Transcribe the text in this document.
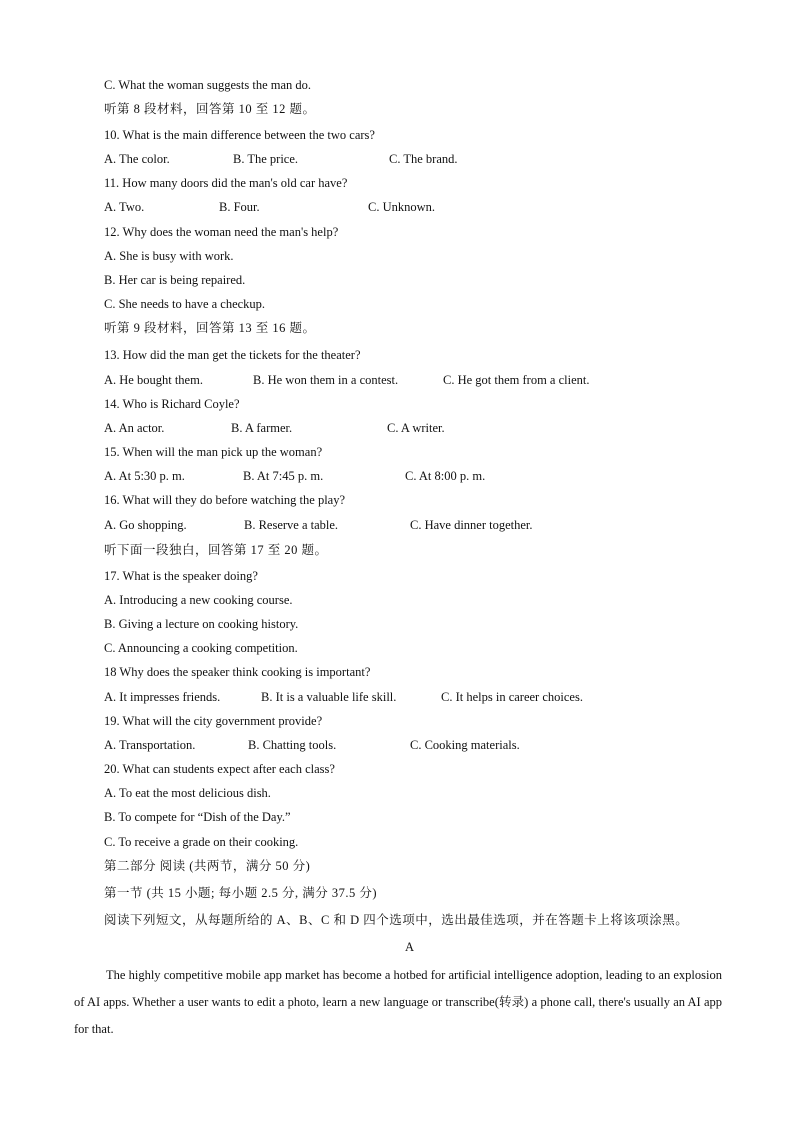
C. What the woman suggests the man do.
听第 8 段材料，回答第 10 至 12 题。
10. What is the main difference between the two cars?
A. The color.	B. The price.	C. The brand.
11. How many doors did the man's old car have?
A. Two.	B. Four.	C. Unknown.
12. Why does the woman need the man's help?
A. She is busy with work.
B. Her car is being repaired.
C. She needs to have a checkup.
听第 9 段材料，回答第 13 至 16 题。
13. How did the man get the tickets for the theater?
A. He bought them.	B. He won them in a contest.	C. He got them from a client.
14. Who is Richard Coyle?
A. An actor.	B. A farmer.	C. A writer.
15. When will the man pick up the woman?
A. At 5:30 p. m.	B. At 7:45 p. m.	C. At 8:00 p. m.
16. What will they do before watching the play?
A. Go shopping.	B. Reserve a table.	C. Have dinner together.
听下面一段独白，回答第 17 至 20 题。
17. What is the speaker doing?
A. Introducing a new cooking course.
B. Giving a lecture on cooking history.
C. Announcing a cooking competition.
18 Why does the speaker think cooking is important?
A. It impresses friends.	B. It is a valuable life skill.	C. It helps in career choices.
19. What will the city government provide?
A. Transportation.	B. Chatting tools.	C. Cooking materials.
20. What can students expect after each class?
A. To eat the most delicious dish.
B. To compete for “Dish of the Day.”
C. To receive a grade on their cooking.
第二部分 阅读 (共两节，满分 50 分)
第一节 (共 15 小题; 每小题 2.5 分, 满分 37.5 分)
阅读下列短文，从每题所给的 A、B、C 和 D 四个选项中，选出最佳选项，并在答题卡上将该项涂黑。
A
The highly competitive mobile app market has become a hotbed for artificial intelligence adoption, leading to an explosion of AI apps. Whether a user wants to edit a photo, learn a new language or transcribe(转录) a phone call, there's usually an AI app for that.
